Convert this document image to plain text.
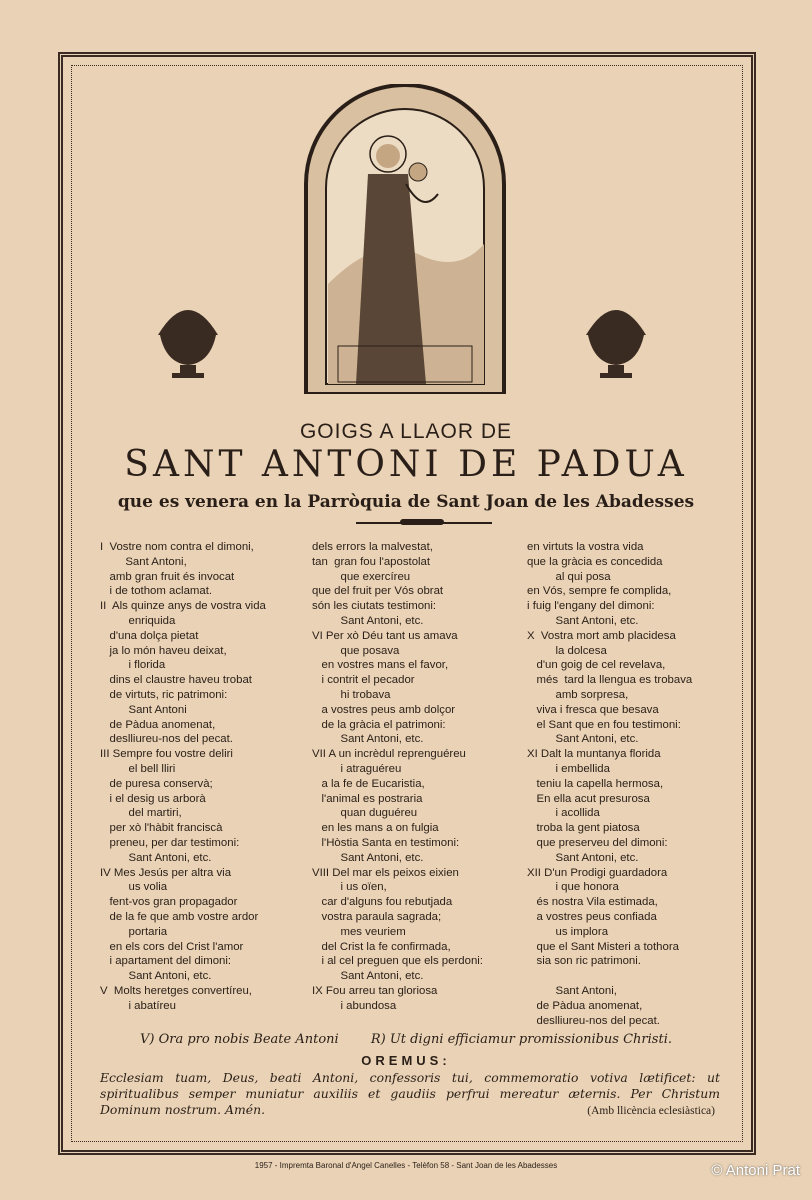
GOIGS A LLAOR DE
SANT ANTONI DE PADUA
que es venera en la Parròquia de Sant Joan de les Abadesses
I  Vostre nom contra el dimoni,
Sant Antoni,
amb gran fruit és invocat
i de tothom aclamat.
II  Als quinze anys de vostra vida
enriquida
d'una dolça pietat
ja lo món haveu deixat,
i florida
dins el claustre haveu trobat
de virtuts, ric patrimoni:
Sant Antoni
de Pàdua anomenat,
deslliureu-nos del pecat.
III Sempre fou vostre deliri
el bell lliri
de puresa conservà;
i el desig us arborà
del martiri,
per xò l'hàbit franciscà
preneu, per dar testimoni:
Sant Antoni, etc.
IV Mes Jesús per altra via
us volia
fent-vos gran propagador
de la fe que amb vostre ardor
portaria
en els cors del Crist l'amor
i apartament del dimoni:
Sant Antoni, etc.
V  Molts heretges convertíreu,
i abatíreu
dels errors la malvestat,
tan  gran fou l'apostolat
que exercíreu
que del fruit per Vós obrat
són les ciutats testimoni:
Sant Antoni, etc.
VI Per xò Déu tant us amava
que posava
en vostres mans el favor,
i contrit el pecador
hi trobava
a vostres peus amb dolçor
de la gràcia el patrimoni:
Sant Antoni, etc.
VII A un incrèdul reprenguéreu
i atraguéreu
a la fe de Eucaristia,
l'animal es postraria
quan duguéreu
en les mans a on fulgia
l'Hòstia Santa en testimoni:
Sant Antoni, etc.
VIII Del mar els peixos eixien
i us oïen,
car d'alguns fou rebutjada
vostra paraula sagrada;
mes veuriem
del Crist la fe confirmada,
i al cel preguen que els perdoni:
Sant Antoni, etc.
IX Fou arreu tan gloriosa
i abundosa
en virtuts la vostra vida
que la gràcia es concedida
al qui posa
en Vós, sempre fe complida,
i fuig l'engany del dimoni:
Sant Antoni, etc.
X  Vostra mort amb placidesa
la dolcesa
d'un goig de cel revelava,
més  tard la llengua es trobava
amb sorpresa,
viva i fresca que besava
el Sant que en fou testimoni:
Sant Antoni, etc.
XI Dalt la muntanya florida
i embellida
teniu la capella hermosa,
En ella acut presurosa
i acollida
troba la gent piatosa
que preserveu del dimoni:
Sant Antoni, etc.
XII D'un Prodigi guardadora
i que honora
és nostra Vila estimada,
a vostres peus confiada
us implora
que el Sant Misteri a tothora
sia son ric patrimoni.

Sant Antoni,
de Pàdua anomenat,
deslliureu-nos del pecat.
V) Ora pro nobis Beate Antoni R) Ut digni efficiamur promissionibus Christi.
OREMUS:
Ecclesiam tuam, Deus, beati Antoni, confessoris tui, commemoratio votiva lætificet: ut spiritualibus semper muniatur auxiliis et gaudiis perfrui mereatur æternis. Per Christum Dominum nostrum. Amén.	(Amb llicència eclesiàstica)
1957 - Impremta Baronal d'Angel Canelles - Telèfon 58 - Sant Joan de les Abadesses	© Antoni Prat
